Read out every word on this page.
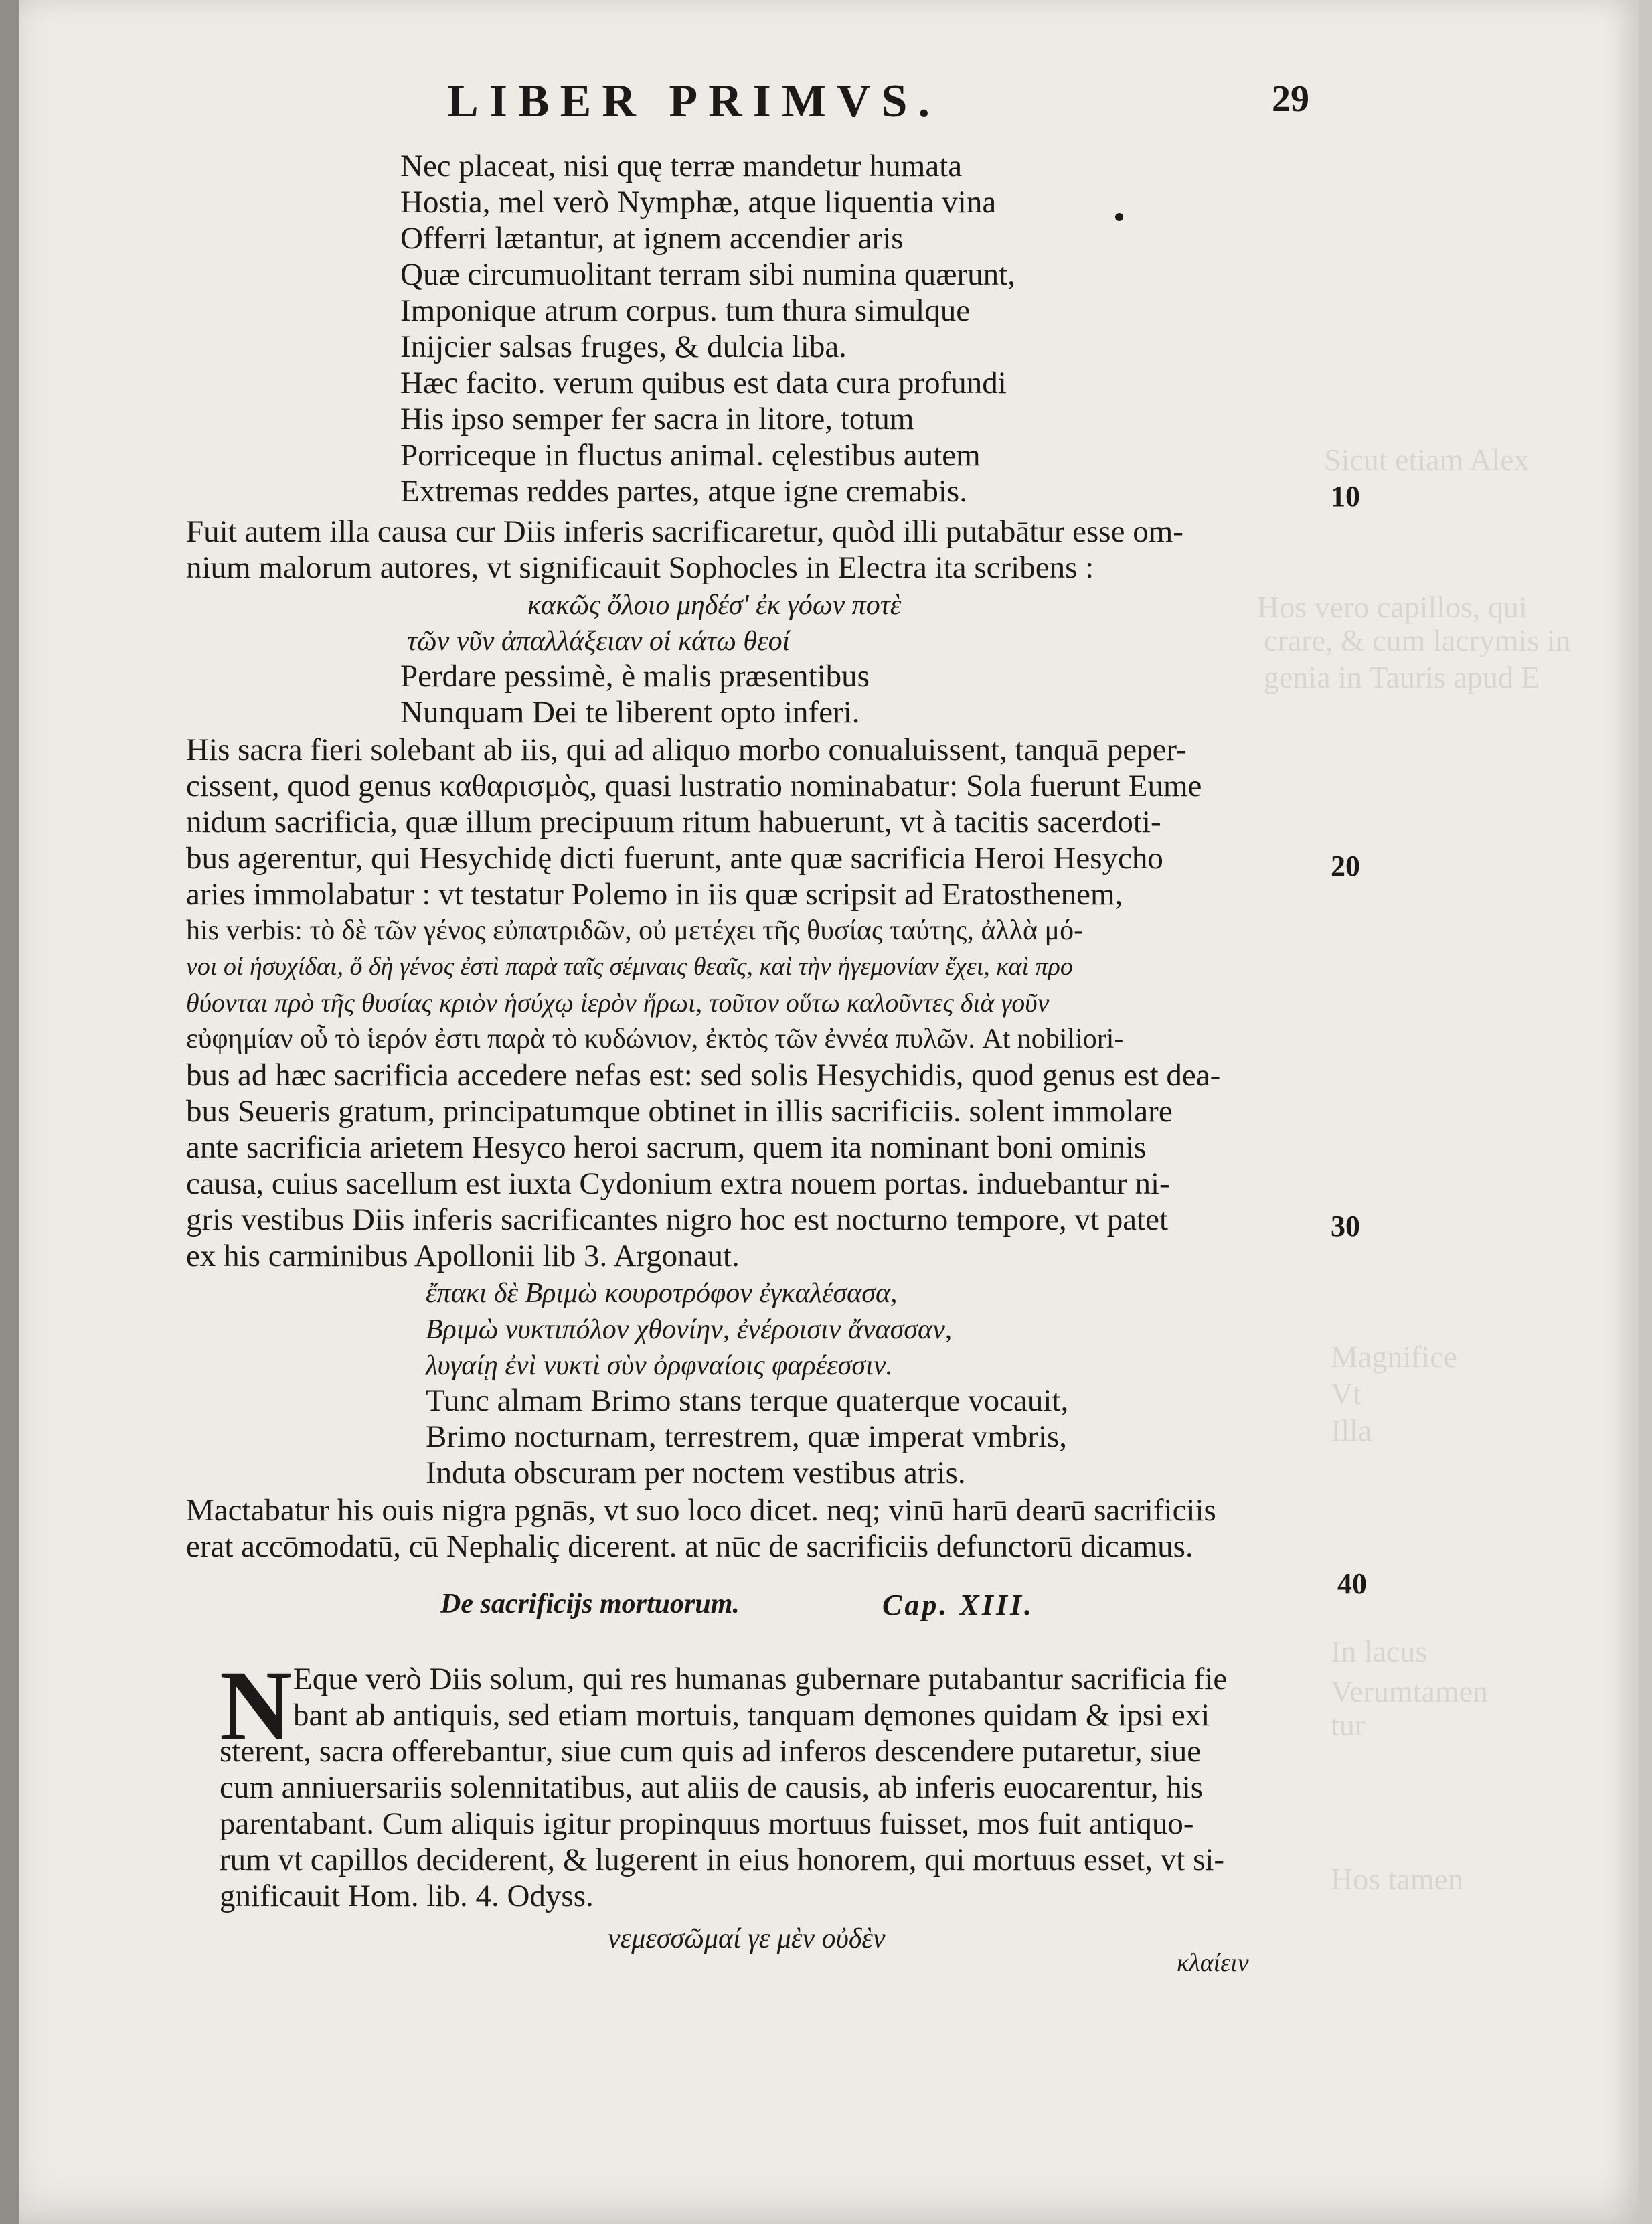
Sicut etiam Alex
Hos vero capillos, qui
crare, & cum lacrymis in
genia in Tauris apud E
Magnifice
Vt
Illa
In lacus
Verumtamen
tur
Hos tamen
LIBER PRIMVS.	29
Nec placeat, nisi quę terræ mandetur humata
Hostia, mel verò Nymphæ, atque liquentia vina
Offerri lætantur, at ignem accendier aris
Quæ circumuolitant terram sibi numina quærunt,
Imponique atrum corpus. tum thura simulque
Inijcier salsas fruges, & dulcia liba.
Hæc facito. verum quibus est data cura profundi
His ipso semper fer sacra in litore, totum
Porriceque in fluctus animal. cęlestibus autem
Extremas reddes partes, atque igne cremabis.	10
Fuit autem illa causa cur Diis inferis sacrificaretur, quòd illi putabātur esse om-
nium malorum autores, vt significauit Sophocles in Electra ita scribens :
κακῶς ὄλοιο μηδέσ' ἐκ γόων ποτὲ
τῶν νῦν ἀπαλλάξειαν οἱ κάτω θεοί
Perdare pessimè, è malis præsentibus
Nunquam Dei te liberent opto inferi.
His sacra fieri solebant ab iis, qui ad aliquo morbo conualuissent, tanquā peper-
cissent, quod genus καθαρισμὸς, quasi lustratio nominabatur: Sola fuerunt Eume
nidum sacrificia, quæ illum precipuum ritum habuerunt, vt à tacitis sacerdoti-
bus agerentur, qui Hesychidę dicti fuerunt, ante quæ sacrificia Heroi Hesycho	20
aries immolabatur : vt testatur Polemo in iis quæ scripsit ad Eratosthenem,
his verbis: τὸ δὲ τῶν γένος εὐπατριδῶν, οὐ μετέχει τῆς θυσίας ταύτης, ἀλλὰ μό-
νοι οἱ ἡσυχίδαι, ὅ δὴ γένος ἐστὶ παρὰ ταῖς σέμναις θεαῖς, καὶ τὴν ἡγεμονίαν ἔχει, καὶ προ
θύονται πρὸ τῆς θυσίας κριὸν ἡσύχῳ ἱερὸν ἥρωι, τοῦτον οὕτω καλοῦντες διὰ γοῦν
εὐφημίαν οὗ τὸ ἱερόν ἐστι παρὰ τὸ κυδώνιον, ἐκτὸς τῶν ἐννέα πυλῶν. At nobiliori-
bus ad hæc sacrificia accedere nefas est: sed solis Hesychidis, quod genus est dea-
bus Seueris gratum, principatumque obtinet in illis sacrificiis. solent immolare
ante sacrificia arietem Hesyco heroi sacrum, quem ita nominant boni ominis
causa, cuius sacellum est iuxta Cydonium extra nouem portas. induebantur ni-
gris vestibus Diis inferis sacrificantes nigro hoc est nocturno tempore, vt patet	30
ex his carminibus Apollonii lib 3. Argonaut.
ἔπακι δὲ Βριμὼ κουροτρόφον ἐγκαλέσασα,
Βριμὼ νυκτιπόλον χθονίην, ἐνέροισιν ἄνασσαν,
λυγαίῃ ἐνὶ νυκτὶ σὺν ὀρφναίοις φαρέεσσιν.
Tunc almam Brimo stans terque quaterque vocauit,
Brimo nocturnam, terrestrem, quæ imperat vmbris,
Induta obscuram per noctem vestibus atris.
Mactabatur his ouis nigra pgnās, vt suo loco dicet. neq; vinū harū dearū sacrificiis
erat accōmodatū, cū Nephaliç dicerent. at nūc de sacrificiis defunctorū dicamus.
40
De sacrificijs mortuorum.	Cap. XIII.
N Eque verò Diis solum, qui res humanas gubernare putabantur sacrificia fie
bant ab antiquis, sed etiam mortuis, tanquam dęmones quidam & ipsi exi
sterent, sacra offerebantur, siue cum quis ad inferos descendere putaretur, siue
cum anniuersariis solennitatibus, aut aliis de causis, ab inferis euocarentur, his
parentabant. Cum aliquis igitur propinquus mortuus fuisset, mos fuit antiquo-
rum vt capillos deciderent, & lugerent in eius honorem, qui mortuus esset, vt si-
gnificauit Hom. lib. 4. Odyss.
νεμεσσῶμαί γε μὲν οὐδὲν
κλαίειν
